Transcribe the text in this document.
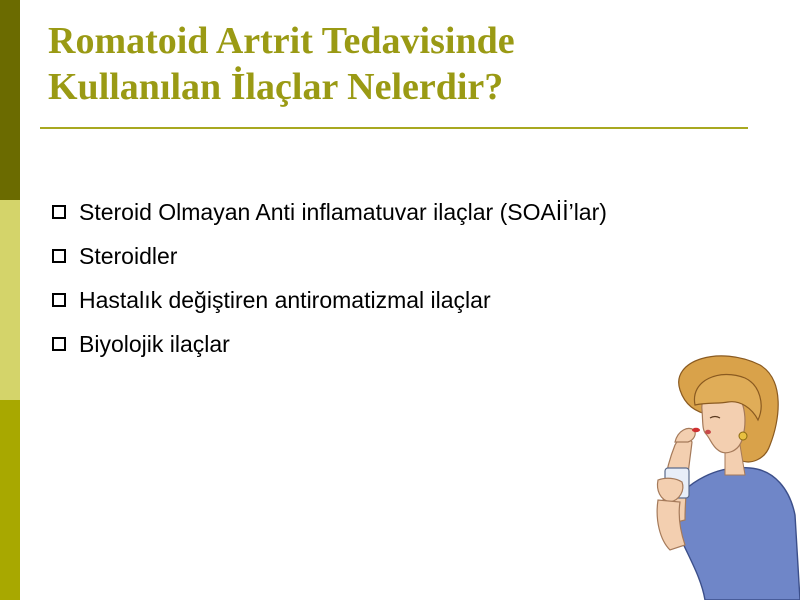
Romatoid Artrit Tedavisinde
Kullanılan İlaçlar Nelerdir?
Steroid Olmayan Anti inflamatuvar ilaçlar (SOAİİ’lar)
Steroidler
Hastalık değiştiren antiromatizmal ilaçlar
Biyolojik ilaçlar
